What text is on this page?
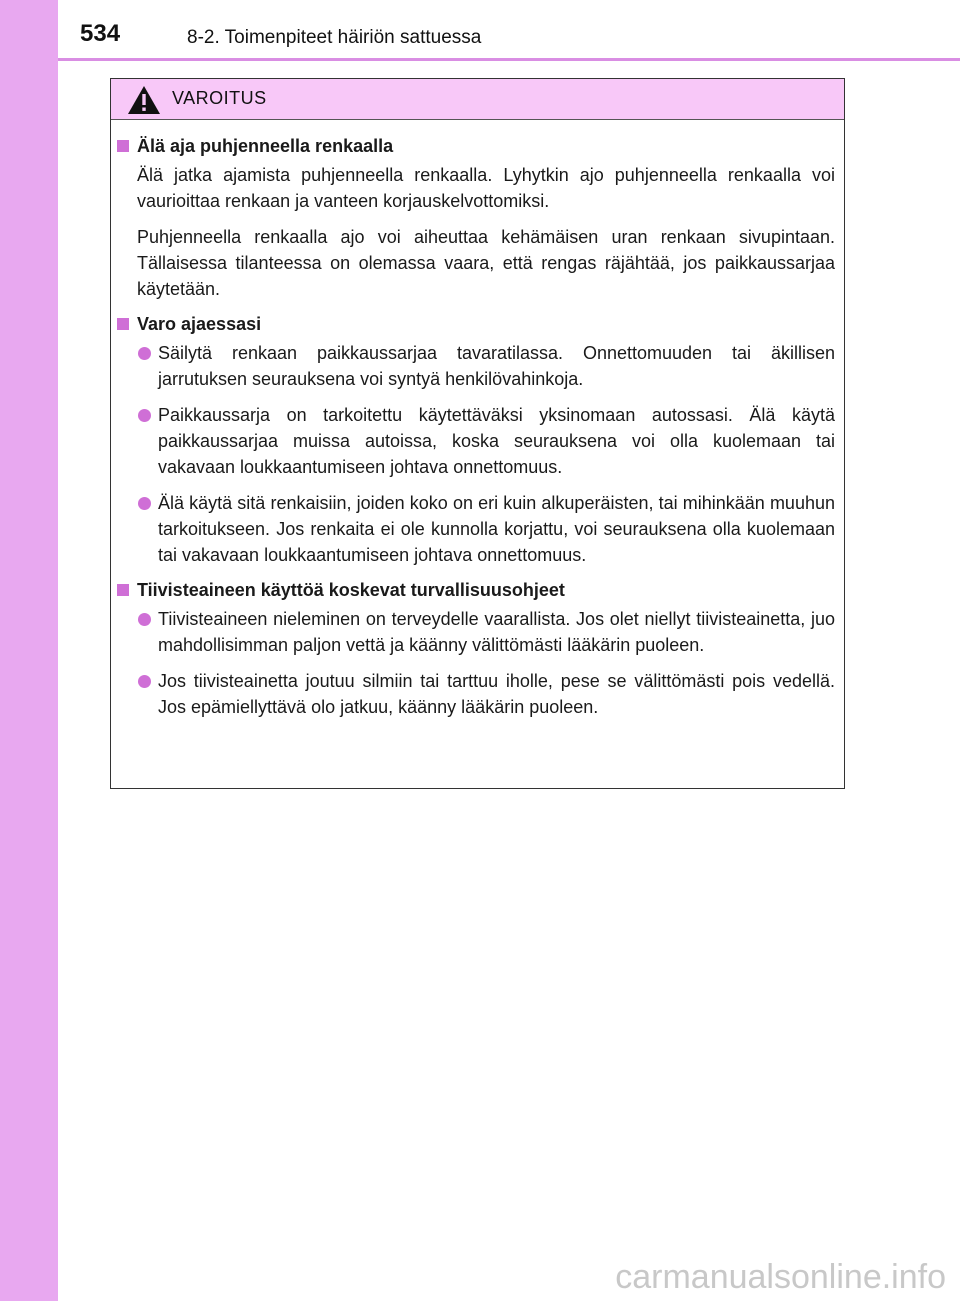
534	8-2. Toimenpiteet häiriön sattuessa
VAROITUS
Älä aja puhjenneella renkaalla
Älä jatka ajamista puhjenneella renkaalla. Lyhytkin ajo puhjenneella renkaalla voi vaurioittaa renkaan ja vanteen korjauskelvottomiksi.
Puhjenneella renkaalla ajo voi aiheuttaa kehämäisen uran renkaan sivupintaan. Tällaisessa tilanteessa on olemassa vaara, että rengas räjähtää, jos paikkaussarjaa käytetään.
Varo ajaessasi
Säilytä renkaan paikkaussarjaa tavaratilassa. Onnettomuuden tai äkillisen jarrutuksen seurauksena voi syntyä henkilövahinkoja.
Paikkaussarja on tarkoitettu käytettäväksi yksinomaan autossasi. Älä käytä paikkaussarjaa muissa autoissa, koska seurauksena voi olla kuolemaan tai vakavaan loukkaantumiseen johtava onnettomuus.
Älä käytä sitä renkaisiin, joiden koko on eri kuin alkuperäisten, tai mihinkään muuhun tarkoitukseen. Jos renkaita ei ole kunnolla korjattu, voi seurauksena olla kuolemaan tai vakavaan loukkaantumiseen johtava onnettomuus.
Tiivisteaineen käyttöä koskevat turvallisuusohjeet
Tiivisteaineen nieleminen on terveydelle vaarallista. Jos olet niellyt tiivisteainetta, juo mahdollisimman paljon vettä ja käänny välittömästi lääkärin puoleen.
Jos tiivisteainetta joutuu silmiin tai tarttuu iholle, pese se välittömästi pois vedellä. Jos epämiellyttävä olo jatkuu, käänny lääkärin puoleen.
carmanualsonline.info
